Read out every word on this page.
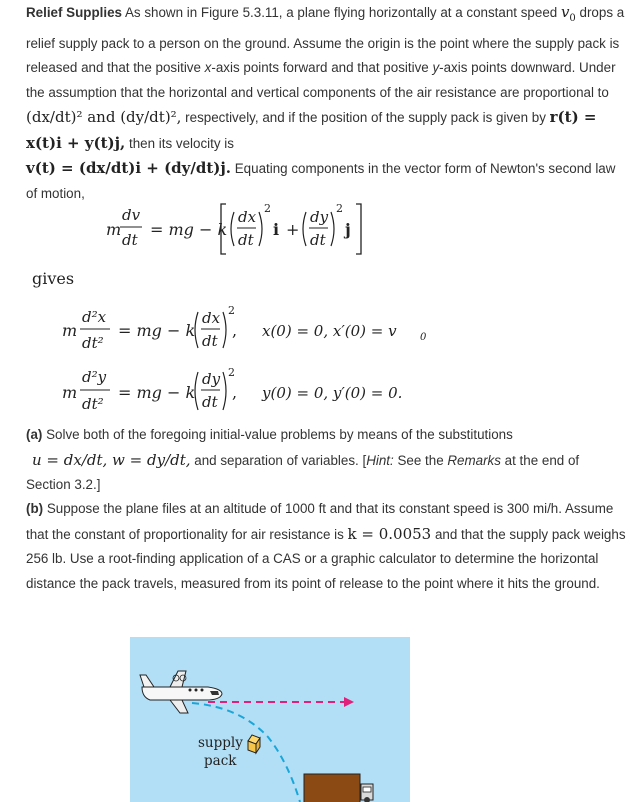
Relief Supplies As shown in Figure 5.3.11, a plane flying horizontally at a constant speed $v_0$ drops a relief supply pack to a person on the ground. Assume the origin is the point where the supply pack is released and that the positive x-axis points forward and that positive y-axis points downward. Under the assumption that the horizontal and vertical components of the air resistance are proportional to (dx/dt)² and (dy/dt)², respectively, and if the position of the supply pack is given by r(t) = x(t)i + y(t)j, then its velocity is
v(t) = (dx/dt)i + (dy/dt)j. Equating components in the vector form of Newton's second law of motion,
m
dv
dt
= mg − k
dx
dt
2
i +
dy
dt
2
j
gives
m
d²x
dt²
= mg − k
dx
dt
2
, x(0) = 0, x′(0) = v 0
m
d²y
dt²
= mg − k
dy
dt
2
, y(0) = 0, y′(0) = 0.
(a) Solve both of the foregoing initial-value problems by means of the substitutions
u = dx/dt, w = dy/dt, and separation of variables. [Hint: See the Remarks at the end of Section 3.2.]
(b) Suppose the plane files at an altitude of 1000 ft and that its constant speed is 300 mi/h. Assume that the constant of proportionality for air resistance is k = 0.0053 and that the supply pack weighs 256 lb. Use a root-finding application of a CAS or a graphic calculator to determine the horizontal distance the pack travels, measured from its point of release to the point where it hits the ground.
supply
pack
